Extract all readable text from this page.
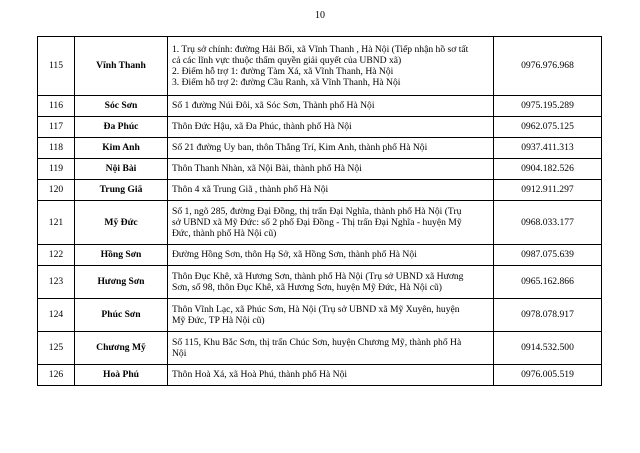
10
115	Vĩnh Thanh	1. Trụ sở chính: đường Hải Bối, xã Vĩnh Thanh , Hà Nội (Tiếp nhận hồ sơ tất
cả các lĩnh vực thuộc thẩm quyền giải quyết của UBND xã)
2. Điểm hỗ trợ 1: đường Tàm Xá, xã Vĩnh Thanh, Hà Nội
3. Điểm hỗ trợ 2: đường Cầu Ranh, xã Vĩnh Thanh, Hà Nội	0976.976.968
116	Sóc Sơn	Số 1 đường Núi Đôi, xã Sóc Sơn, Thành phố Hà Nội	0975.195.289
117	Đa Phúc	Thôn Đức Hậu, xã Đa Phúc, thành phố Hà Nội	0962.075.125
118	Kim Anh	Số 21 đường Uy ban, thôn Thắng Trí, Kim Anh, thành phố Hà Nội	0937.411.313
119	Nội Bài	Thôn Thanh Nhàn, xã Nội Bài, thành phố Hà Nội	0904.182.526
120	Trung Giã	Thôn 4 xã Trung Giã , thành phố Hà Nội	0912.911.297
121	Mỹ Đức	Số 1, ngõ 285, đường Đại Đồng, thị trấn Đại Nghĩa, thành phố Hà Nội (Trụ
sở UBND xã Mỹ Đức: số 2 phố Đại Đồng - Thị trấn Đại Nghĩa - huyện Mỹ
Đức, thành phố Hà Nội cũ)	0968.033.177
122	Hồng Sơn	Đường Hồng Sơn, thôn Hạ Sở, xã Hồng Sơn, thành phố Hà Nội	0987.075.639
123	Hương Sơn	Thôn Đục Khê, xã Hương Sơn, thành phố Hà Nội (Trụ sở UBND xã Hương
Sơn, số 98, thôn Đục Khê, xã Hương Sơn, huyện Mỹ Đức, Hà Nội cũ)	0965.162.866
124	Phúc Sơn	Thôn Vĩnh Lạc, xã Phúc Sơn, Hà Nội (Trụ sở UBND xã Mỹ Xuyên, huyện
Mỹ Đức, TP Hà Nội cũ)	0978.078.917
125	Chương Mỹ	Số 115, Khu Bắc Sơn, thị trấn Chúc Sơn, huyện Chương Mỹ, thành phố Hà
Nội	0914.532.500
126	Hoà Phú	Thôn Hoà Xá, xã Hoà Phú, thành phố Hà Nội	0976.005.519
